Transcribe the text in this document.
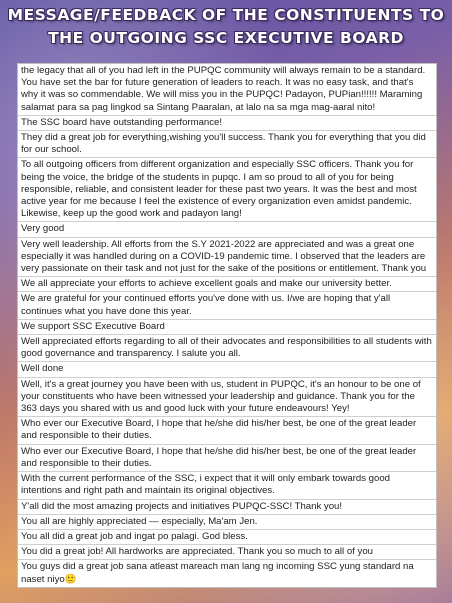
MESSAGE/FEEDBACK OF THE CONSTITUENTS TO
THE OUTGOING SSC EXECUTIVE BOARD
the legacy that all of you had left in the PUPQC community will always remain to be a standard. You have set the bar for future generation of leaders to reach. It was no easy task, and that's why it was so commendable. We will miss you in the PUPQC! Padayon, PUPian!!!!!! Maraming salamat para sa pag lingkod sa Sintang Paaralan, at lalo na sa mga mag-aaral nito!
The SSC board have outstanding performance!
They did a great job for everything,wishing you'll success. Thank you for everything that you did for our school.
To all outgoing officers from different organization and especially SSC officers. Thank you for being the voice, the bridge of the students in pupqc. I am so proud to all of you for being responsible, reliable, and consistent leader for these past two years. It was the best and most active year for me because I feel the existence of every organization even amidst pandemic. Likewise, keep up the good work and padayon lang!
Very good
Very well leadership. All efforts from the S.Y 2021-2022 are appreciated and was a great one especially it was handled during on a COVID-19 pandemic time. I observed that the leaders are very passionate on their task and not just for the sake of the positions or entitlement. Thank you
We all appreciate your efforts to achieve excellent goals and make our university better.
We are grateful for your continued efforts you've done with us. I/we are hoping that y'all continues what you have done this year.
We support SSC Executive Board
Well appreciated efforts regarding to all of their advocates and responsibilities to all students with good governance and transparency. I salute you all.
Well done
Well, it's a great journey you have been with us, student in PUPQC, it's an honour to be one of your constituents who have been witnessed your leadership and guidance. Thank you for the 363 days you shared with us and good luck with your future endeavours! Yey!
Who ever our Executive Board, I hope that he/she did his/her best, be one of the great leader and responsible to their duties.
Who ever our Executive Board, I hope that he/she did his/her best, be one of the great leader and responsible to their duties.
With the current performance of the SSC, i expect that it will only embark towards good intentions and right path and maintain its original objectives.
Y'all did the most amazing projects and initiatives PUPQC-SSC! Thank you!
You all are highly appreciated — especially, Ma'am Jen.
You all did a great job and ingat po palagi. God bless.
You did a great job! All hardworks are appreciated. Thank you so much to all of you
You guys did a great job sana atleast mareach man lang ng incoming SSC yung standard na naset niyo🙂
